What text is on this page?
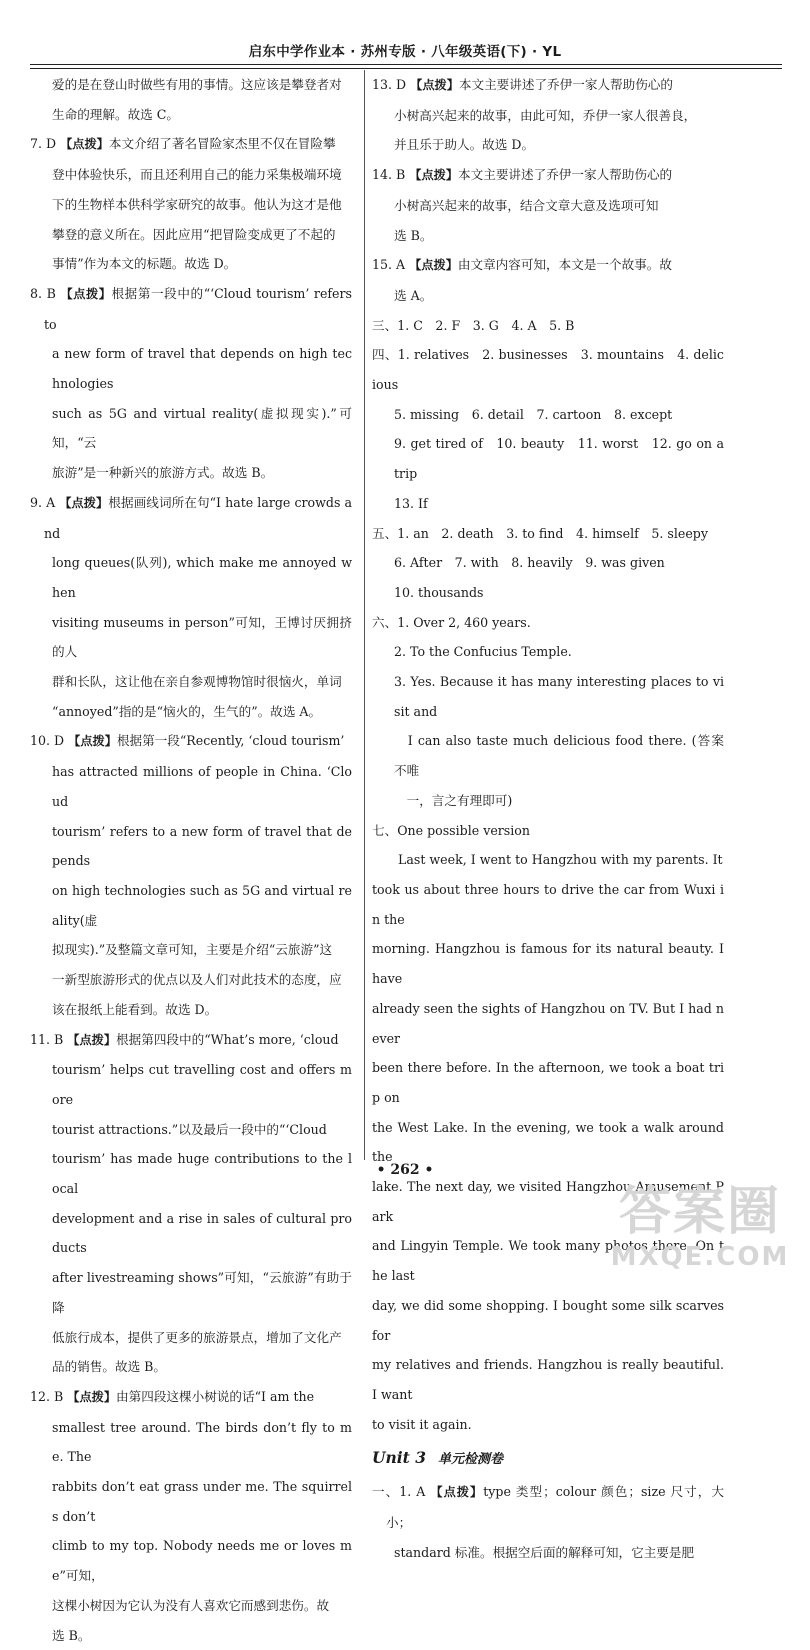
启东中学作业本 · 苏州专版 · 八年级英语(下) · YL

爱的是在登山时做些有用的事情。这应该是攀登者对

生命的理解。故选 C。

7. D 【点拨】本文介绍了著名冒险家杰里不仅在冒险攀

登中体验快乐，而且还利用自己的能力采集极端环境

下的生物样本供科学家研究的故事。他认为这才是他

攀登的意义所在。因此应用“把冒险变成更了不起的

事情”作为本文的标题。故选 D。

8. B 【点拨】根据第一段中的“‘Cloud tourism’ refers to

a new form of travel that depends on high technologies

such as 5G and virtual reality(虚拟现实).”可知，“云

旅游”是一种新兴的旅游方式。故选 B。

9. A 【点拨】根据画线词所在句“I hate large crowds and

long queues(队列), which make me annoyed when

visiting museums in person”可知，王博讨厌拥挤的人

群和长队，这让他在亲自参观博物馆时很恼火，单词

“annoyed”指的是“恼火的，生气的”。故选 A。

10. D 【点拨】根据第一段“Recently, ‘cloud tourism’

has attracted millions of people in China. ‘Cloud

tourism’ refers to a new form of travel that depends

on high technologies such as 5G and virtual reality(虚

拟现实).”及整篇文章可知，主要是介绍“云旅游”这

一新型旅游形式的优点以及人们对此技术的态度，应

该在报纸上能看到。故选 D。

11. B 【点拨】根据第四段中的“What’s more, ‘cloud

tourism’ helps cut travelling cost and offers more

tourist attractions.”以及最后一段中的“‘Cloud

tourism’ has made huge contributions to the local

development and a rise in sales of cultural products

after livestreaming shows”可知，“云旅游”有助于降

低旅行成本，提供了更多的旅游景点，增加了文化产

品的销售。故选 B。

12. B 【点拨】由第四段这棵小树说的话“I am the

smallest tree around. The birds don’t fly to me. The

rabbits don’t eat grass under me. The squirrels don’t

climb to my top. Nobody needs me or loves me”可知，

这棵小树因为它认为没有人喜欢它而感到悲伤。故

选 B。

13. D 【点拨】本文主要讲述了乔伊一家人帮助伤心的

小树高兴起来的故事，由此可知，乔伊一家人很善良，

并且乐于助人。故选 D。

14. B 【点拨】本文主要讲述了乔伊一家人帮助伤心的

小树高兴起来的故事，结合文章大意及选项可知

选 B。

15. A 【点拨】由文章内容可知，本文是一个故事。故

选 A。

三、1. C　2. F　3. G　4. A　5. B

四、1. relatives　2. businesses　3. mountains　4. delicious

5. missing　6. detail　7. cartoon　8. except

9. get tired of　10. beauty　11. worst　12. go on a trip

13. If

五、1. an　2. death　3. to find　4. himself　5. sleepy

6. After　7. with　8. heavily　9. was given

10. thousands

六、1. Over 2, 460 years.

2. To the Confucius Temple.

3. Yes. Because it has many interesting places to visit and

　I can also taste much delicious food there. (答案不唯

　一，言之有理即可)

七、One possible version

Last week, I went to Hangzhou with my parents. It

took us about three hours to drive the car from Wuxi in the

morning. Hangzhou is famous for its natural beauty. I have

already seen the sights of Hangzhou on TV. But I had never

been there before. In the afternoon, we took a boat trip on

the West Lake. In the evening, we took a walk around the

lake. The next day, we visited Hangzhou Amusement Park

and Lingyin Temple. We took many photos there. On the last

day, we did some shopping. I bought some silk scarves for

my relatives and friends. Hangzhou is really beautiful. I want

to visit it again.

Unit 3 单元检测卷

一、1. A 【点拨】type 类型；colour 颜色；size 尺寸，大小；

standard 标准。根据空后面的解释可知，它主要是肥

• 262 •
答案圈
MXQE.COM
